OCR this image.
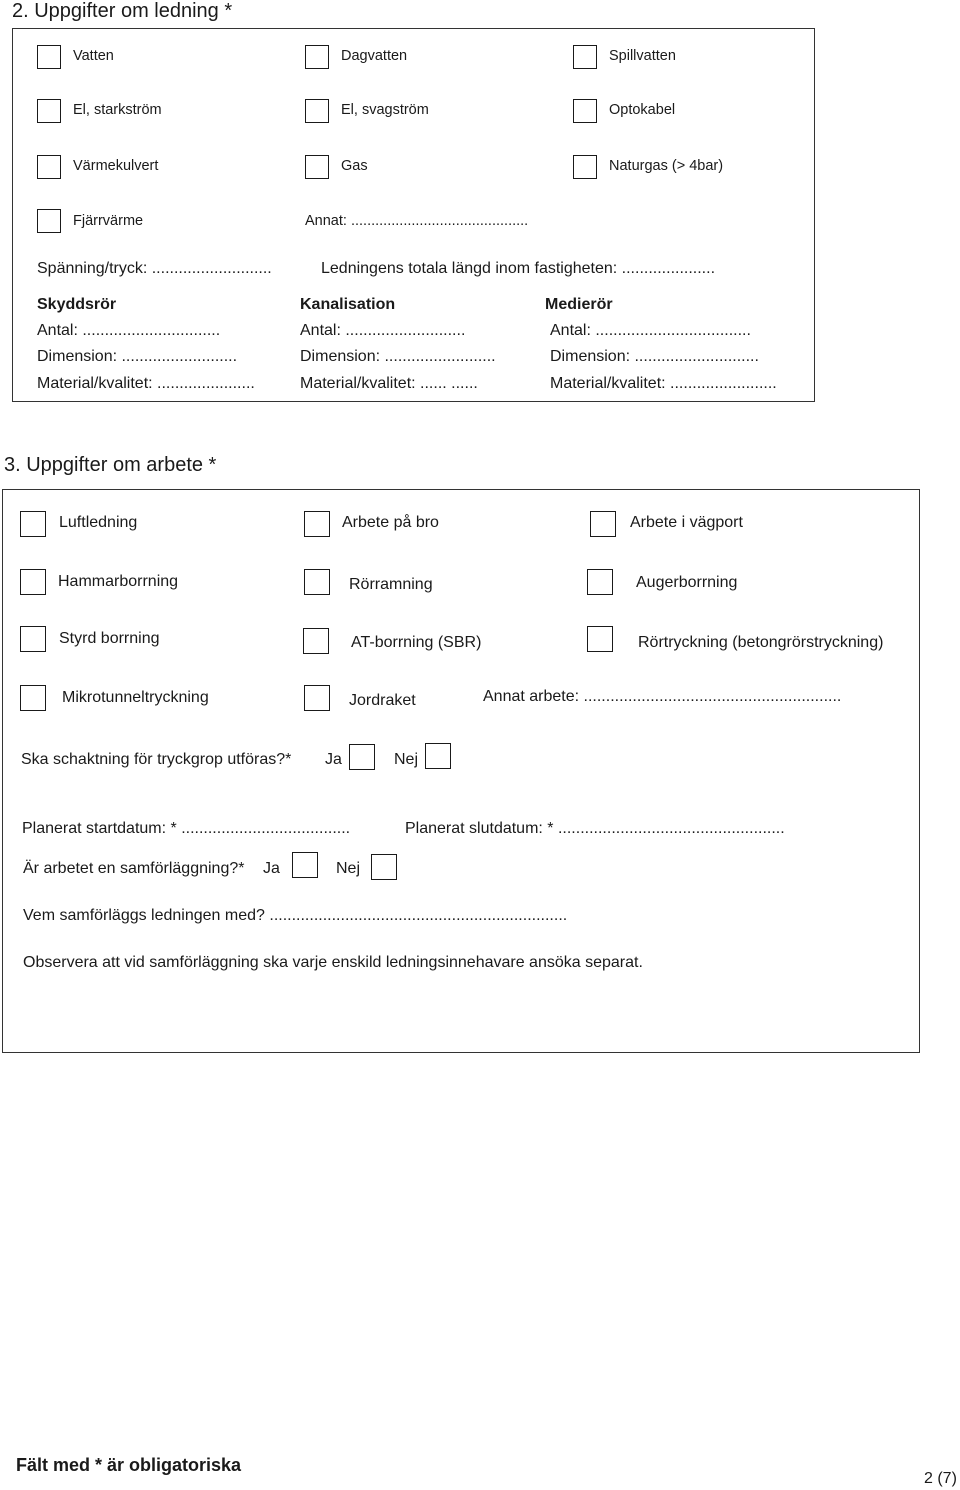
2. Uppgifter om ledning *
Vatten	Dagvatten	Spillvatten
El, starkström	El, svagström	Optokabel
Värmekulvert	Gas	Naturgas (> 4bar)
Fjärrvärme	Annat: ............................................
Spänning/tryck: ...........................	Ledningens totala längd inom fastigheten: .....................
Skyddsrör	Kanalisation	Medierör
Antal: ...............................	Antal: ...........................	Antal: ...................................
Dimension: ..........................	Dimension: .........................	Dimension: ............................
Material/kvalitet: ......................	Material/kvalitet: ...... ......	Material/kvalitet: ........................
3. Uppgifter om arbete *
Luftledning	Arbete på bro	Arbete i vägport
Hammarborrning	Rörramning	Augerborrning
Styrd borrning	AT-borrning (SBR)	Rörtryckning (betongrörstryckning)
Mikrotunneltryckning	Jordraket	Annat arbete: ..........................................................
Ska schaktning för tryckgrop utföras?* Ja	Nej
Planerat startdatum: * ......................................	Planerat slutdatum: * ...................................................
Är arbetet en samförläggning?* Ja	Nej
Vem samförläggs ledningen med? ...................................................................
Observera att vid samförläggning ska varje enskild ledningsinnehavare ansöka separat.
Fält med * är obligatoriska
2 (7)
